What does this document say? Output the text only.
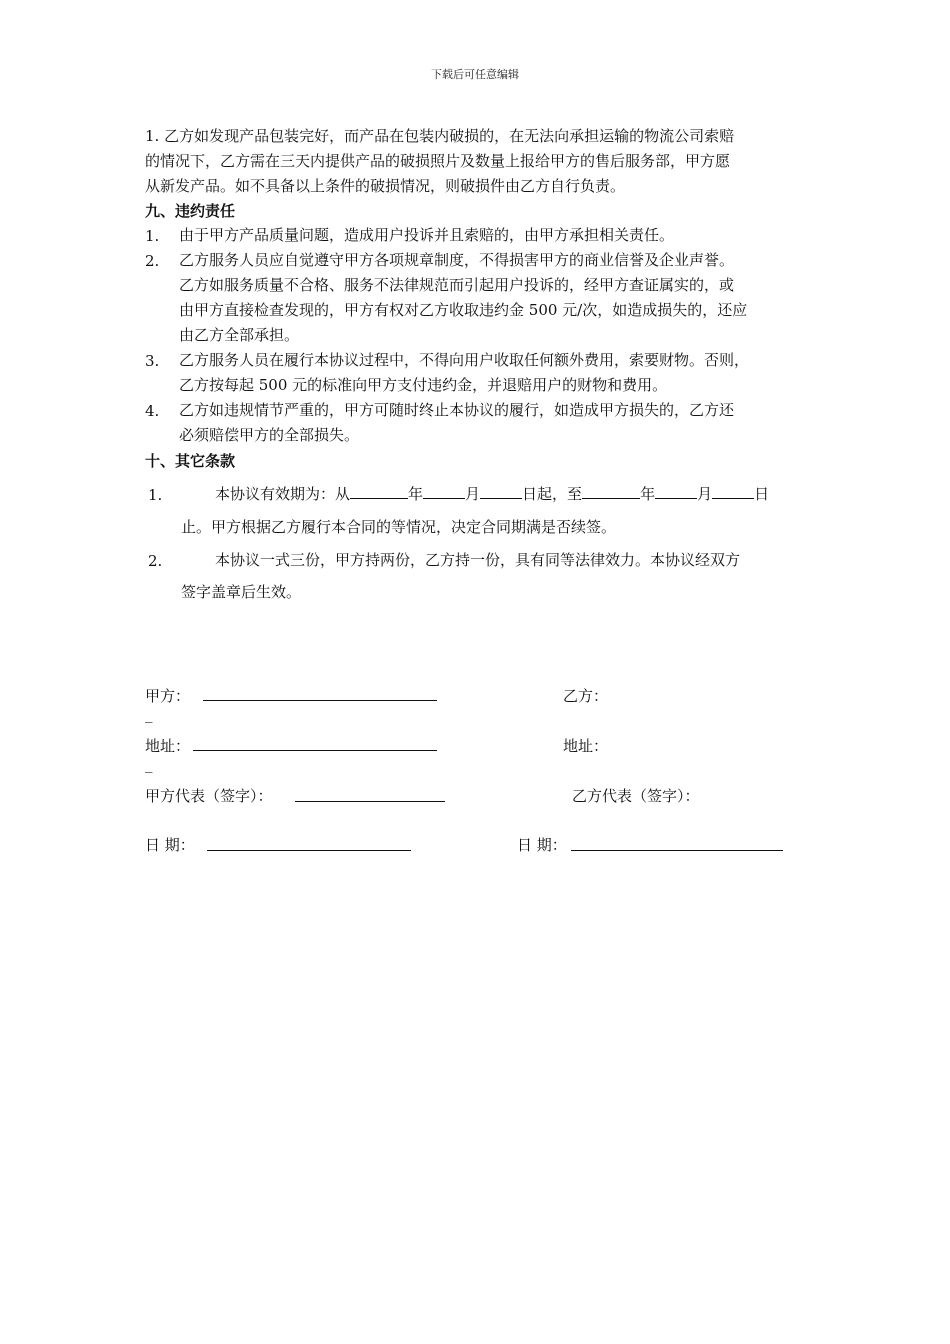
下载后可任意编辑
1. 乙方如发现产品包装完好，而产品在包装内破损的，在无法向承担运输的物流公司索赔
的情况下，乙方需在三天内提供产品的破损照片及数量上报给甲方的售后服务部，甲方愿
从新发产品。如不具备以上条件的破损情况，则破损件由乙方自行负责。
九、违约责任
1. 由于甲方产品质量问题，造成用户投诉并且索赔的，由甲方承担相关责任。
2. 乙方服务人员应自觉遵守甲方各项规章制度，不得损害甲方的商业信誉及企业声誉。
乙方如服务质量不合格、服务不法律规范而引起用户投诉的，经甲方查证属实的，或
由甲方直接检查发现的，甲方有权对乙方收取违约金 500 元/次，如造成损失的，还应
由乙方全部承担。
3. 乙方服务人员在履行本协议过程中，不得向用户收取任何额外费用，索要财物。否则，
乙方按每起 500 元的标准向甲方支付违约金，并退赔用户的财物和费用。
4. 乙方如违规情节严重的，甲方可随时终止本协议的履行，如造成甲方损失的，乙方还
必须赔偿甲方的全部损失。
十、其它条款
1.	本协议有效期为：从	年	月	日起，至	年	月	日
止。甲方根据乙方履行本合同的等情况，决定合同期满是否续签。
2.	本协议一式三份，甲方持两份，乙方持一份，具有同等法律效力。本协议经双方
签字盖章后生效。
甲方：	乙方：
_
地址：	地址：
_
甲方代表（签字）：	乙方代表（签字）：
日 期：	日 期：
